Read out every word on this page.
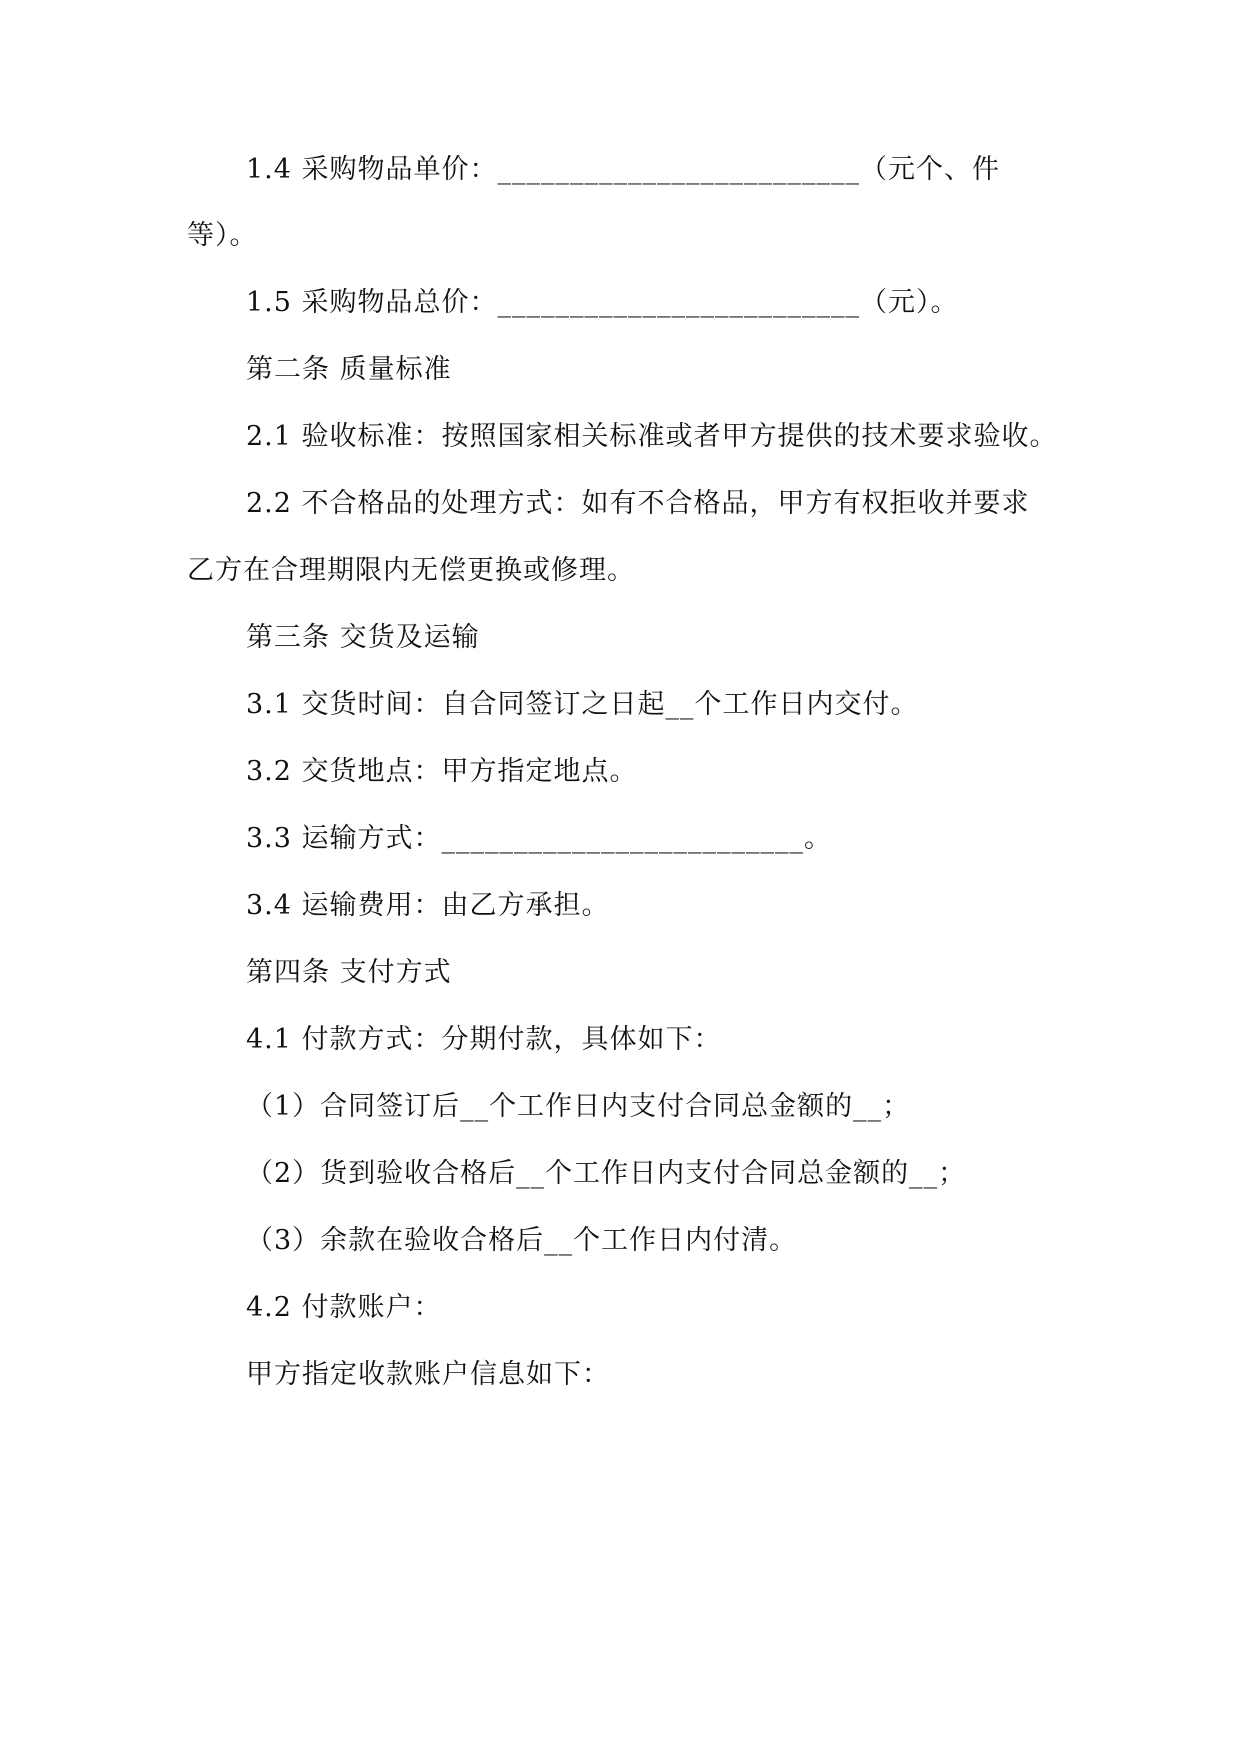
1.4 采购物品单价：_________________________（元个、件
等）。
1.5 采购物品总价：_________________________（元）。
第二条 质量标准
2.1 验收标准：按照国家相关标准或者甲方提供的技术要求验收。
2.2 不合格品的处理方式：如有不合格品，甲方有权拒收并要求
乙方在合理期限内无偿更换或修理。
第三条 交货及运输
3.1 交货时间：自合同签订之日起__个工作日内交付。
3.2 交货地点：甲方指定地点。
3.3 运输方式：_________________________。
3.4 运输费用：由乙方承担。
第四条 支付方式
4.1 付款方式：分期付款，具体如下：
（1）合同签订后__个工作日内支付合同总金额的__；
（2）货到验收合格后__个工作日内支付合同总金额的__；
（3）余款在验收合格后__个工作日内付清。
4.2 付款账户：
甲方指定收款账户信息如下：
